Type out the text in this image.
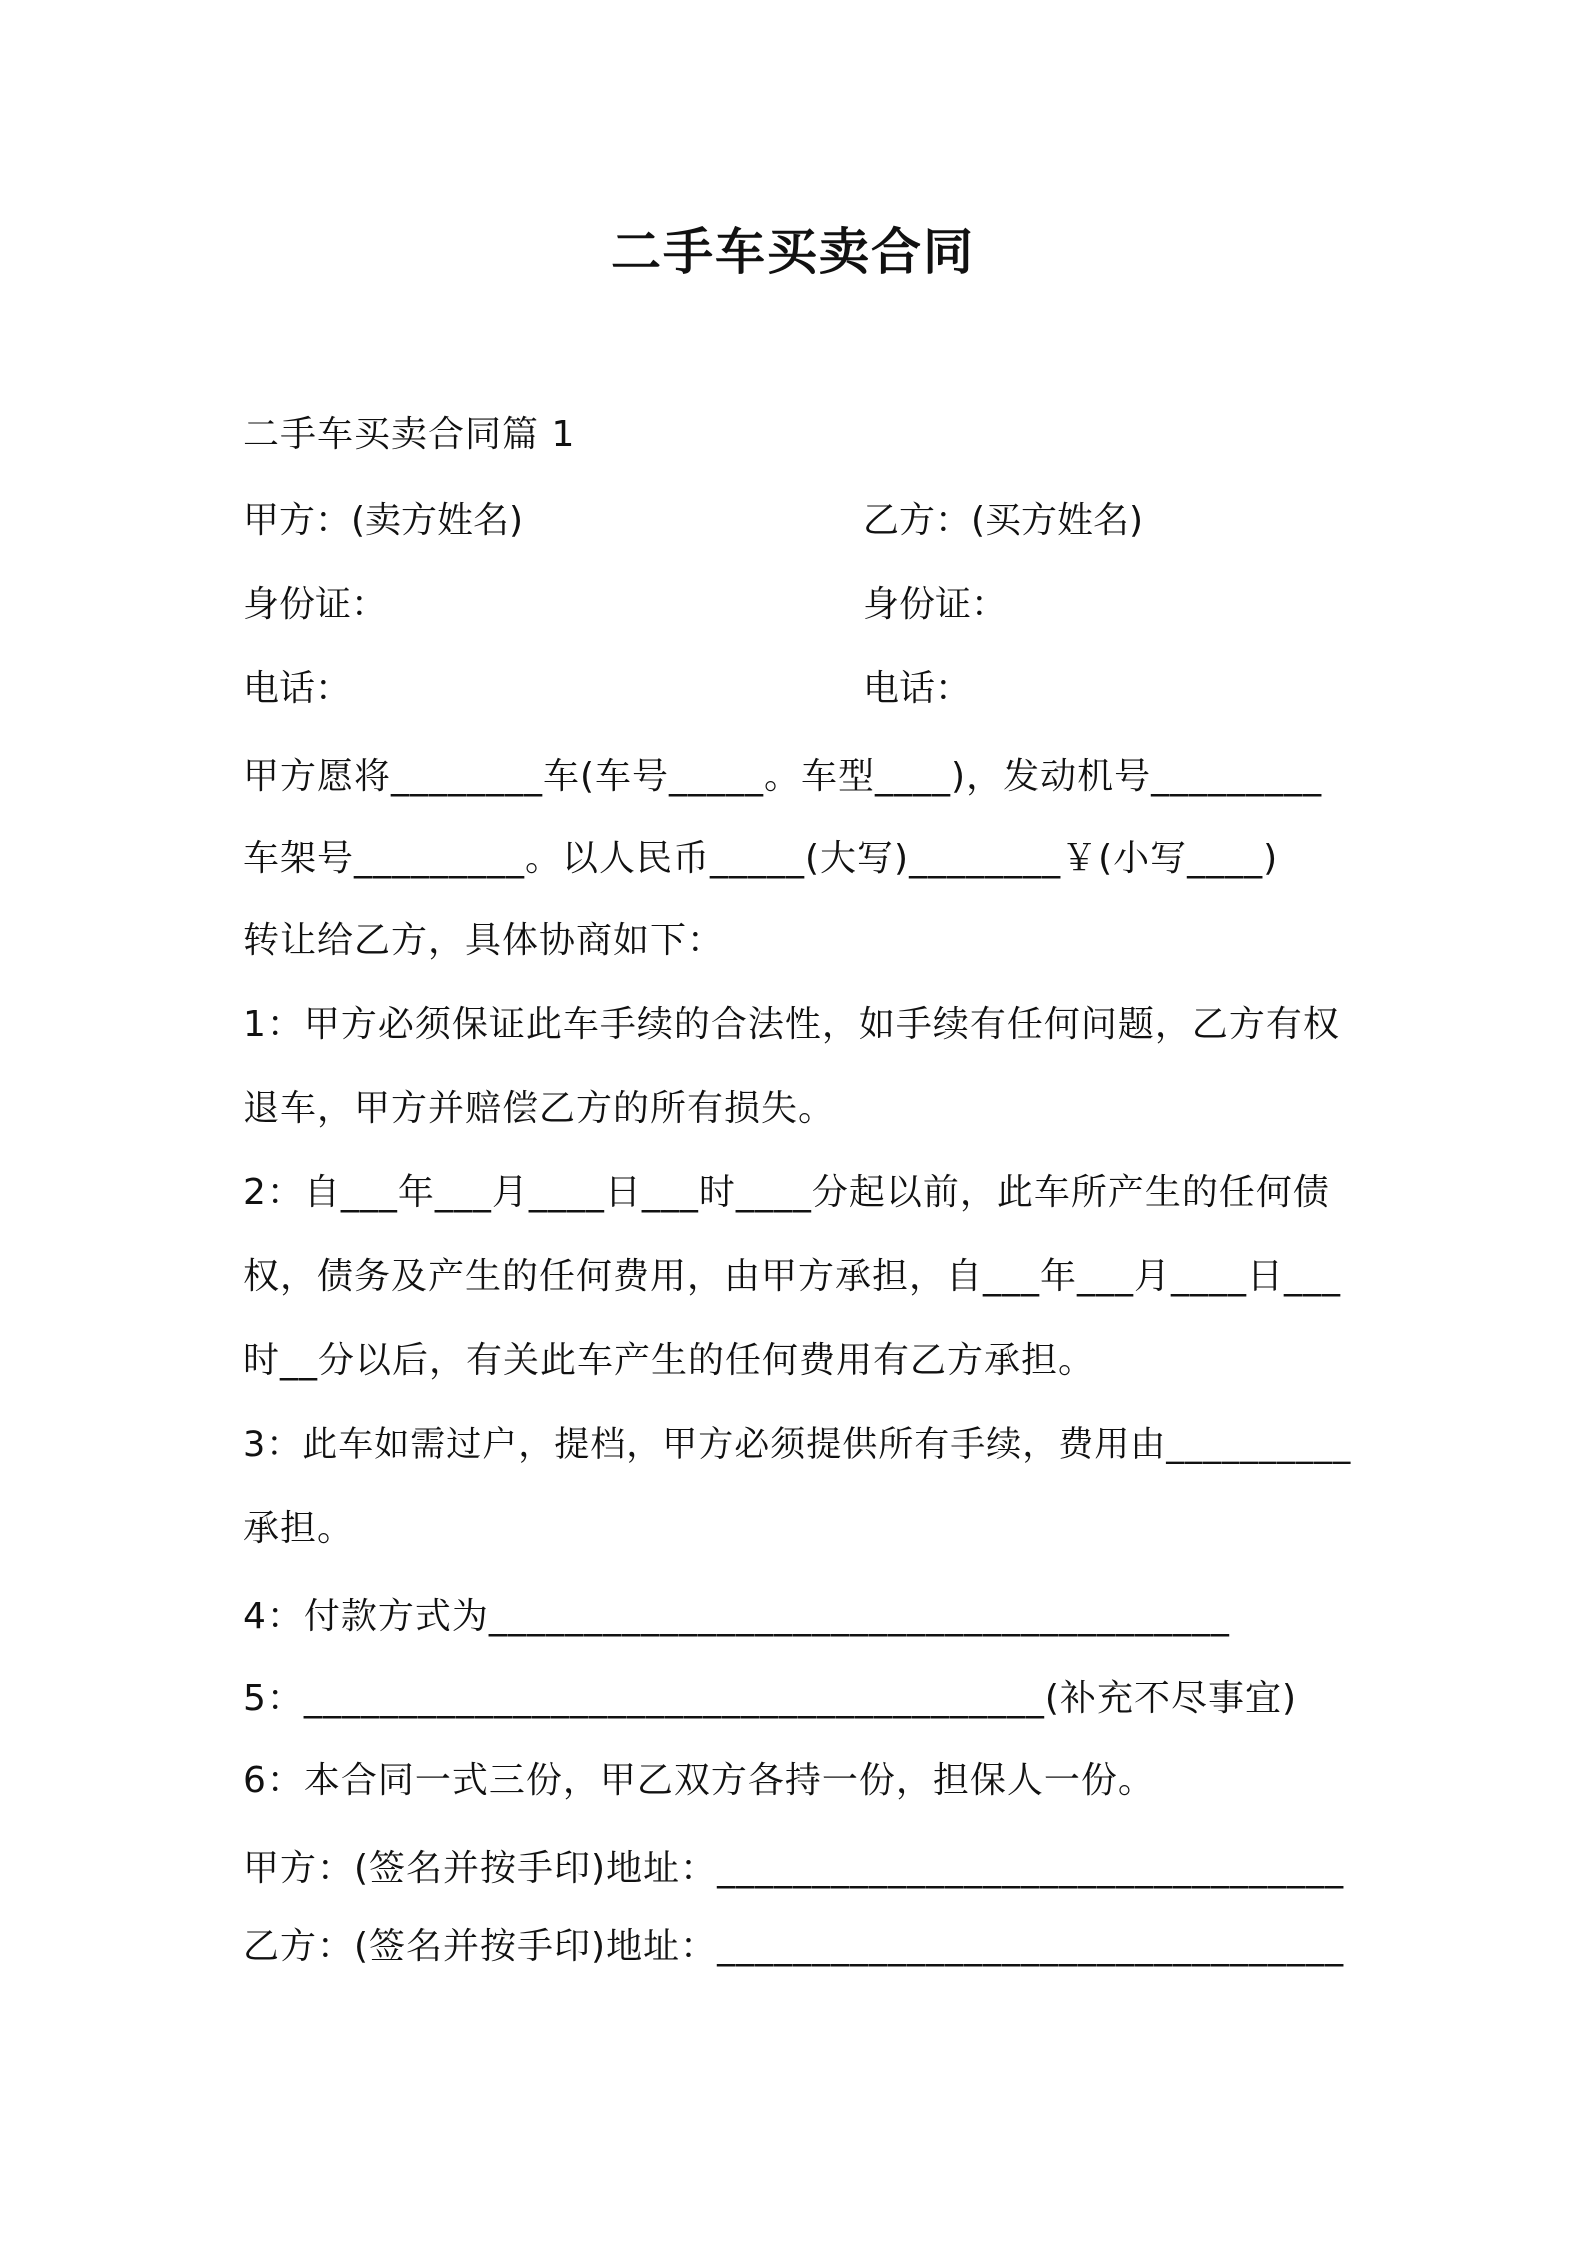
二手车买卖合同
二手车买卖合同篇 1
甲方：(卖方姓名)	乙方：(买方姓名)
身份证：	身份证：
电话：	电话：
甲方愿将________车(车号_____。车型____)，发动机号_________
车架号_________。以人民币_____(大写)________￥(小写____)
转让给乙方，具体协商如下：
1：甲方必须保证此车手续的合法性，如手续有任何问题，乙方有权
退车，甲方并赔偿乙方的所有损失。
2：自___年___月____日___时____分起以前，此车所产生的任何债
权，债务及产生的任何费用，由甲方承担，自___年___月____日___
时__分以后，有关此车产生的任何费用有乙方承担。
3：此车如需过户，提档，甲方必须提供所有手续，费用由__________
承担。
4：付款方式为_______________________________________
5：_______________________________________(补充不尽事宜)
6：本合同一式三份，甲乙双方各持一份，担保人一份。
甲方：(签名并按手印)地址：_________________________________
乙方：(签名并按手印)地址：_________________________________
